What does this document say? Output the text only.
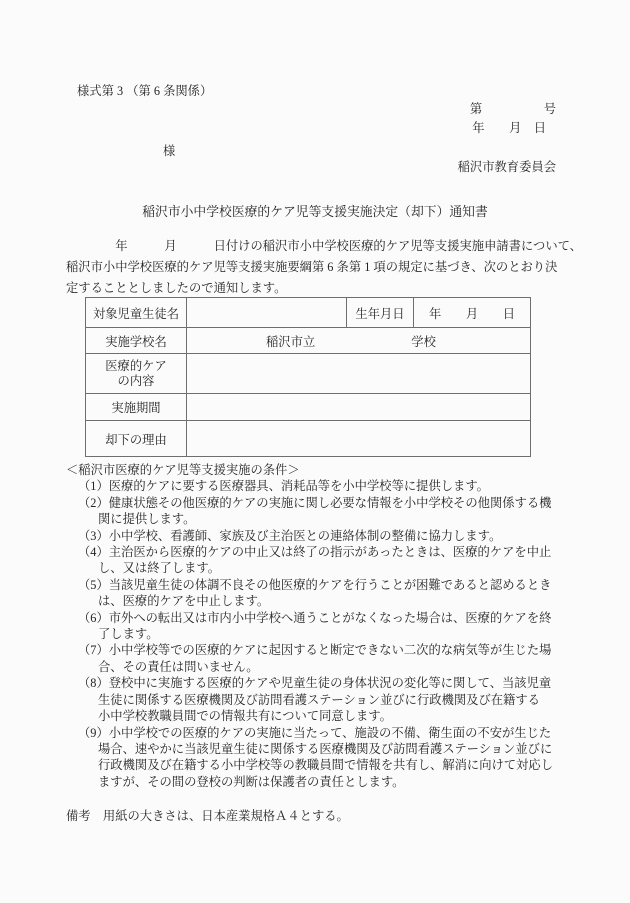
様式第 3 （第 6 条関係）
第　　　　　号
年　　月　日
様
稲沢市教育委員会
稲沢市小中学校医療的ケア児等支援実施決定（却下）通知書
　　　　年　　　月　　　日付けの稲沢市小中学校医療的ケア児等支援実施申請書について、
稲沢市小中学校医療的ケア児等支援実施要綱第 6 条第 1 項の規定に基づき、次のとおり決
定することとしましたので通知します。
対象児童生徒名		生年月日	年　　月　　日
実施学校名	稲沢市立 学校		

医療的ケア
の内容			

実施期間			
却下の理由			
＜稲沢市医療的ケア児等支援実施の条件＞
（1）医療的ケアに要する医療器具、消耗品等を小中学校等に提供します。
（2）健康状態その他医療的ケアの実施に関し必要な情報を小中学校その他関係する機
関に提供します。
（3）小中学校、看護師、家族及び主治医との連絡体制の整備に協力します。
（4）主治医から医療的ケアの中止又は終了の指示があったときは、医療的ケアを中止
し、又は終了します。
（5）当該児童生徒の体調不良その他医療的ケアを行うことが困難であると認めるとき
は、医療的ケアを中止します。
（6）市外への転出又は市内小中学校へ通うことがなくなった場合は、医療的ケアを終
了します。
（7）小中学校等での医療的ケアに起因すると断定できない二次的な病気等が生じた場
合、その責任は問いません。
（8）登校中に実施する医療的ケアや児童生徒の身体状況の変化等に関して、当該児童
生徒に関係する医療機関及び訪問看護ステーション並びに行政機関及び在籍する
小中学校教職員間での情報共有について同意します。
（9）小中学校での医療的ケアの実施に当たって、施設の不備、衛生面の不安が生じた
場合、速やかに当該児童生徒に関係する医療機関及び訪問看護ステーション並びに
行政機関及び在籍する小中学校等の教職員間で情報を共有し、解消に向けて対応し
ますが、その間の登校の判断は保護者の責任とします。
備考　用紙の大きさは、日本産業規格Ａ４とする。
